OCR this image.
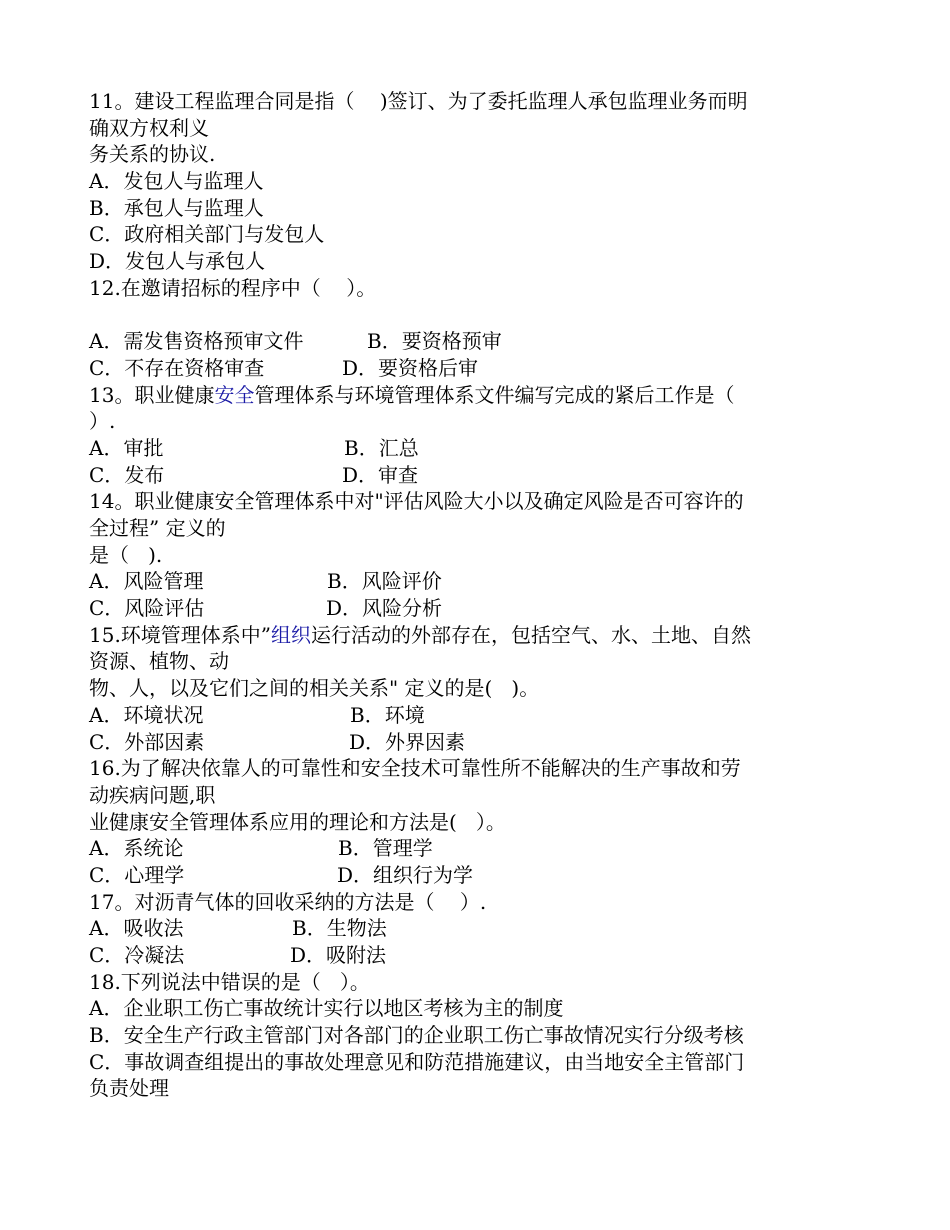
11。建设工程监理合同是指（    )签订、为了委托监理人承包监理业务而明
确双方权利义
务关系的协议.
A．发包人与监理人
B．承包人与监理人
C．政府相关部门与发包人
D．发包人与承包人
12.在邀请招标的程序中（    ）。
A．需发售资格预审文件	B．要资格预审
C．不存在资格审查	D．要资格后审
13。职业健康安全管理体系与环境管理体系文件编写完成的紧后工作是（
）.
A．审批	B．汇总
C．发布	D．审查
14。职业健康安全管理体系中对"评估风险大小以及确定风险是否可容许的
全过程” 定义的
是（   ).
A．风险管理	B．风险评价
C．风险评估	D．风险分析
15.环境管理体系中”组织运行活动的外部存在，包括空气、水、土地、自然
资源、植物、动
物、人，以及它们之间的相关关系" 定义的是(   )。
A．环境状况	B．环境
C．外部因素	D．外界因素
16.为了解决依靠人的可靠性和安全技术可靠性所不能解决的生产事故和劳
动疾病问题,职
业健康安全管理体系应用的理论和方法是(   ）。
A．系统论	B．管理学
C．心理学	D．组织行为学
17。对沥青气体的回收采纳的方法是（    ）.
A．吸收法	B．生物法
C．冷凝法	D．吸附法
18.下列说法中错误的是（   ）。
A．企业职工伤亡事故统计实行以地区考核为主的制度
B．安全生产行政主管部门对各部门的企业职工伤亡事故情况实行分级考核
C．事故调查组提出的事故处理意见和防范措施建议，由当地安全主管部门
负责处理
